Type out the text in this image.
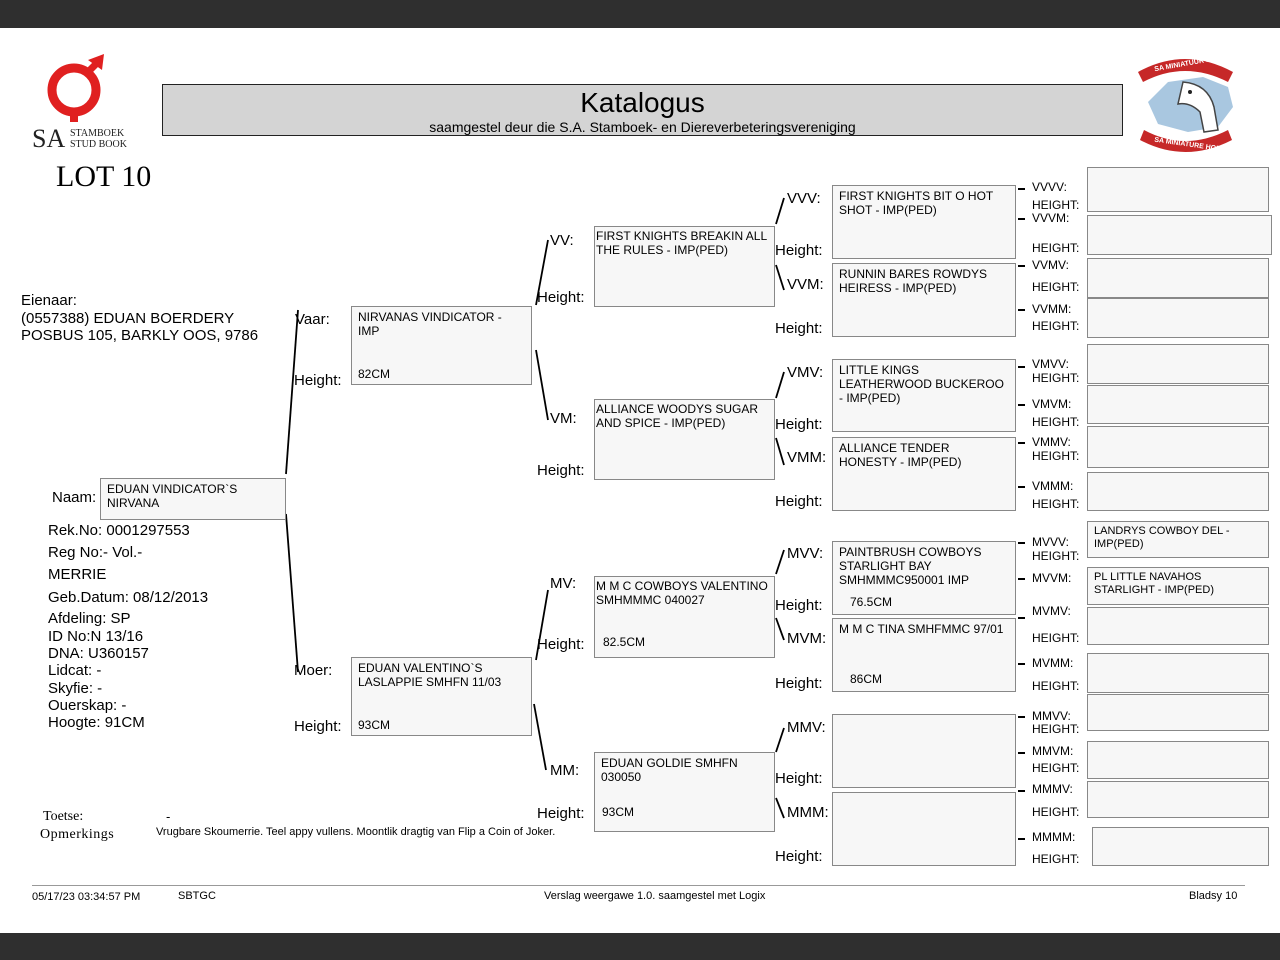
SA STAMBOEK
STUD BOOK
Katalogus
saamgestel deur die S.A. Stamboek- en Diereverbeteringsvereniging
SA MINIATUUR PERD
SA MINIATURE HORSE
LOT 10
Eienaar:
(0557388) EDUAN BOERDERY
POSBUS 105, BARKLY OOS, 9786
Naam: EDUAN VINDICATOR`S NIRVANA
Rek.No: 0001297553
Reg No:- Vol.-
MERRIE
Geb.Datum: 08/12/2013
Afdeling: SP
ID No:N 13/16
DNA: U360157
Lidcat: -
Skyfie: -
Ouerskap: -
Hoogte: 91CM
Vaar:
Height:
NIRVANAS VINDICATOR - IMP
82CM
Moer:
Height:
EDUAN VALENTINO`S LASLAPPIE SMHFN 11/03
93CM
VV:
Height:
FIRST KNIGHTS BREAKIN ALL THE RULES - IMP(PED)
VM:
Height:
ALLIANCE WOODYS SUGAR AND SPICE - IMP(PED)
MV:
Height:
M M C COWBOYS VALENTINO SMHMMMC 040027
82.5CM
MM:
Height:
EDUAN GOLDIE SMHFN 030050
93CM
VVV:
Height:
FIRST KNIGHTS BIT O HOT SHOT - IMP(PED)
VVM:
Height:
RUNNIN BARES ROWDYS HEIRESS - IMP(PED)
VMV:
Height:
LITTLE KINGS LEATHERWOOD BUCKEROO - IMP(PED)
VMM:
Height:
ALLIANCE TENDER HONESTY - IMP(PED)
MVV:
Height:
PAINTBRUSH COWBOYS STARLIGHT BAY SMHMMMC950001 IMP
76.5CM
MVM:
Height:
M M C TINA SMHFMMC 97/01
86CM
MMV:
Height:
MMM:
Height:
VVVV:
HEIGHT:
VVVM:
HEIGHT:
VVMV:
HEIGHT:
VVMM:
HEIGHT:
VMVV:
HEIGHT:
VMVM:
HEIGHT:
VMMV:
HEIGHT:
VMMM:
HEIGHT:
MVVV:
HEIGHT:
MVVM:
MVMV:
HEIGHT:
MVMM:
HEIGHT:
MMVV:
HEIGHT:
MMVM:
HEIGHT:
MMMV:
HEIGHT:
MMMM:
HEIGHT:
LANDRYS COWBOY DEL - IMP(PED)
PL LITTLE NAVAHOS STARLIGHT - IMP(PED)
Toetse:	-
Opmerkings	Vrugbare Skoumerrie. Teel appy vullens. Moontlik dragtig van Flip a Coin of Joker.
05/17/23 03:34:57 PM	SBTGC	Verslag weergawe 1.0. saamgestel met Logix	Bladsy 10
